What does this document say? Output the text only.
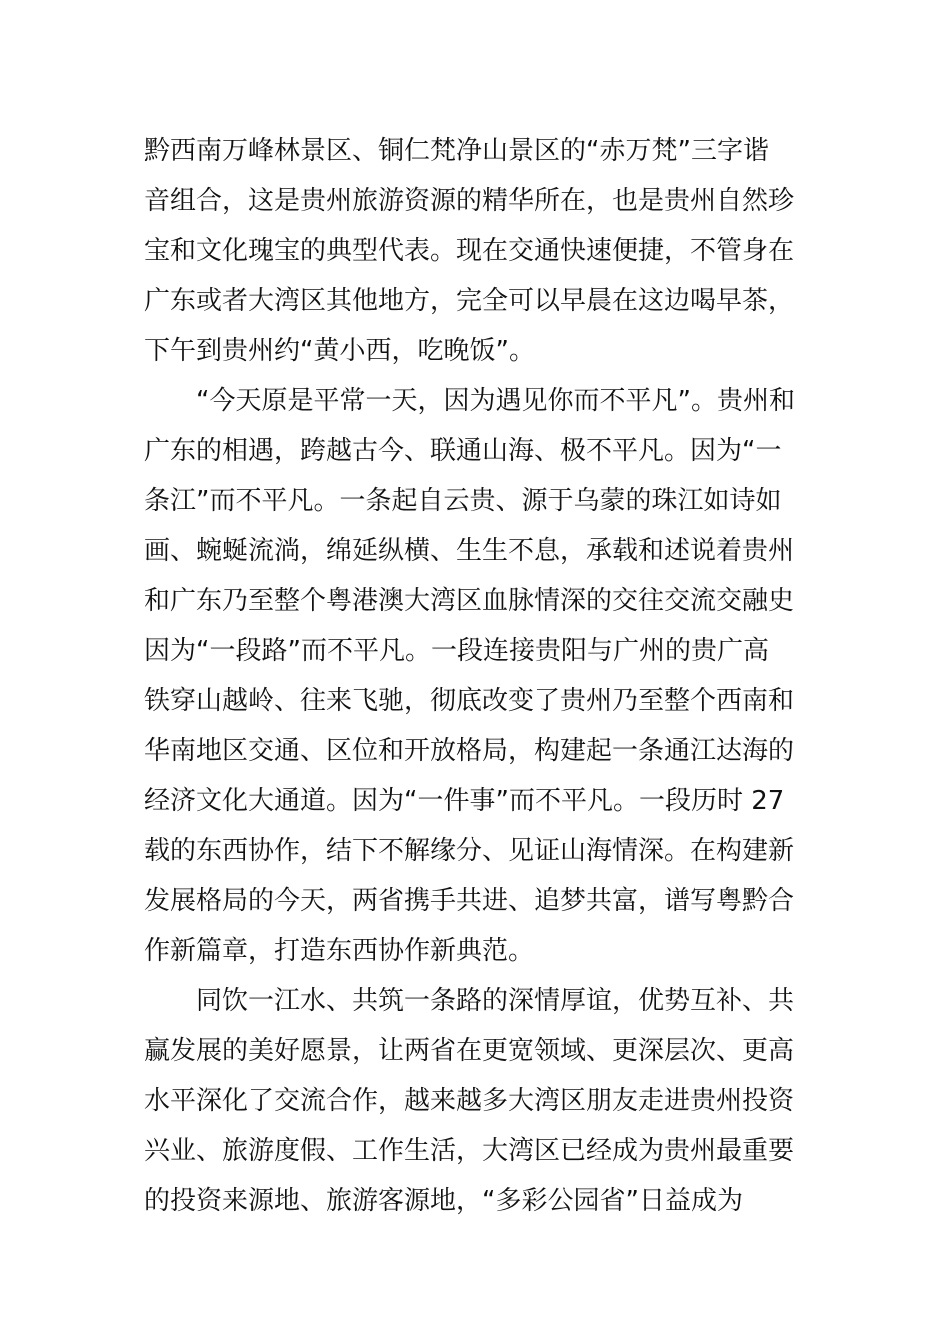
黔西南万峰林景区、铜仁梵净山景区的“赤万梵”三字谐
音组合，这是贵州旅游资源的精华所在，也是贵州自然珍
宝和文化瑰宝的典型代表。现在交通快速便捷，不管身在
广东或者大湾区其他地方，完全可以早晨在这边喝早茶，
下午到贵州约“黄小西，吃晚饭”。
“今天原是平常一天，因为遇见你而不平凡”。贵州和
广东的相遇，跨越古今、联通山海、极不平凡。因为“一
条江”而不平凡。一条起自云贵、源于乌蒙的珠江如诗如
画、蜿蜒流淌，绵延纵横、生生不息，承载和述说着贵州
和广东乃至整个粤港澳大湾区血脉情深的交往交流交融史
因为“一段路”而不平凡。一段连接贵阳与广州的贵广高
铁穿山越岭、往来飞驰，彻底改变了贵州乃至整个西南和
华南地区交通、区位和开放格局，构建起一条通江达海的
经济文化大通道。因为“一件事”而不平凡。一段历时 27
载的东西协作，结下不解缘分、见证山海情深。在构建新
发展格局的今天，两省携手共进、追梦共富，谱写粤黔合
作新篇章，打造东西协作新典范。
同饮一江水、共筑一条路的深情厚谊，优势互补、共
赢发展的美好愿景，让两省在更宽领域、更深层次、更高
水平深化了交流合作，越来越多大湾区朋友走进贵州投资
兴业、旅游度假、工作生活，大湾区已经成为贵州最重要
的投资来源地、旅游客源地，“多彩公园省”日益成为
